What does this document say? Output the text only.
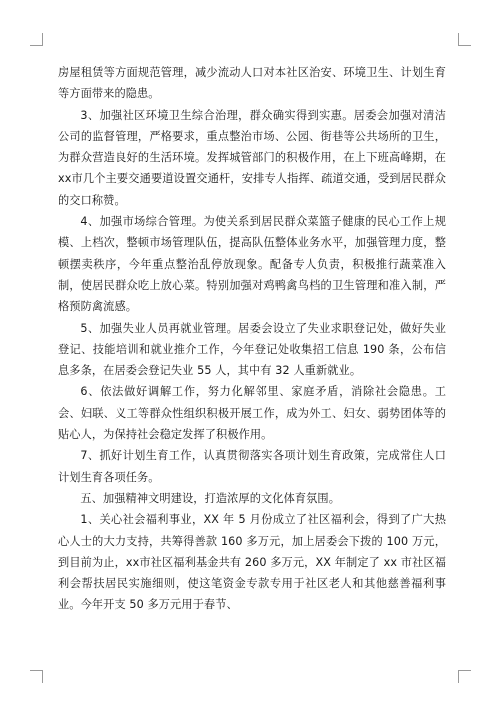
房屋租赁等方面规范管理，减少流动人口对本社区治安、环境卫生、计划生育等方面带来的隐患。

3、加强社区环境卫生综合治理，群众确实得到实惠。居委会加强对清洁公司的监督管理，严格要求，重点整治市场、公园、街巷等公共场所的卫生，为群众营造良好的生活环境。发挥城管部门的积极作用，在上下班高峰期，在xx市几个主要交通要道设置交通杆，安排专人指挥、疏道交通，受到居民群众的交口称赞。

4、加强市场综合管理。为使关系到居民群众菜篮子健康的民心工作上规模、上档次，整顿市场管理队伍，提高队伍整体业务水平，加强管理力度，整顿摆卖秩序，今年重点整治乱停放现象。配备专人负责，积极推行蔬菜准入制，使居民群众吃上放心菜。特别加强对鸡鸭禽鸟档的卫生管理和准入制，严格预防禽流感。

5、加强失业人员再就业管理。居委会设立了失业求职登记处，做好失业登记、技能培训和就业推介工作，今年登记处收集招工信息 190 条，公布信息多条，在居委会登记失业 55 人，其中有 32 人重新就业。

6、依法做好调解工作，努力化解邻里、家庭矛盾，消除社会隐患。工会、妇联、义工等群众性组织积极开展工作，成为外工、妇女、弱势团体等的贴心人，为保持社会稳定发挥了积极作用。

7、抓好计划生育工作，认真贯彻落实各项计划生育政策，完成常住人口计划生育各项任务。

五、加强精神文明建设，打造浓厚的文化体育氛围。

1、关心社会福利事业，XX 年 5 月份成立了社区福利会，得到了广大热心人士的大力支持，共筹得善款 160 多万元，加上居委会下拨的 100 万元，到目前为止，xx市社区福利基金共有 260 多万元，XX 年制定了 xx 市社区福利会帮扶居民实施细则，使这笔资金专款专用于社区老人和其他慈善福利事业。今年开支 50 多万元用于春节、
